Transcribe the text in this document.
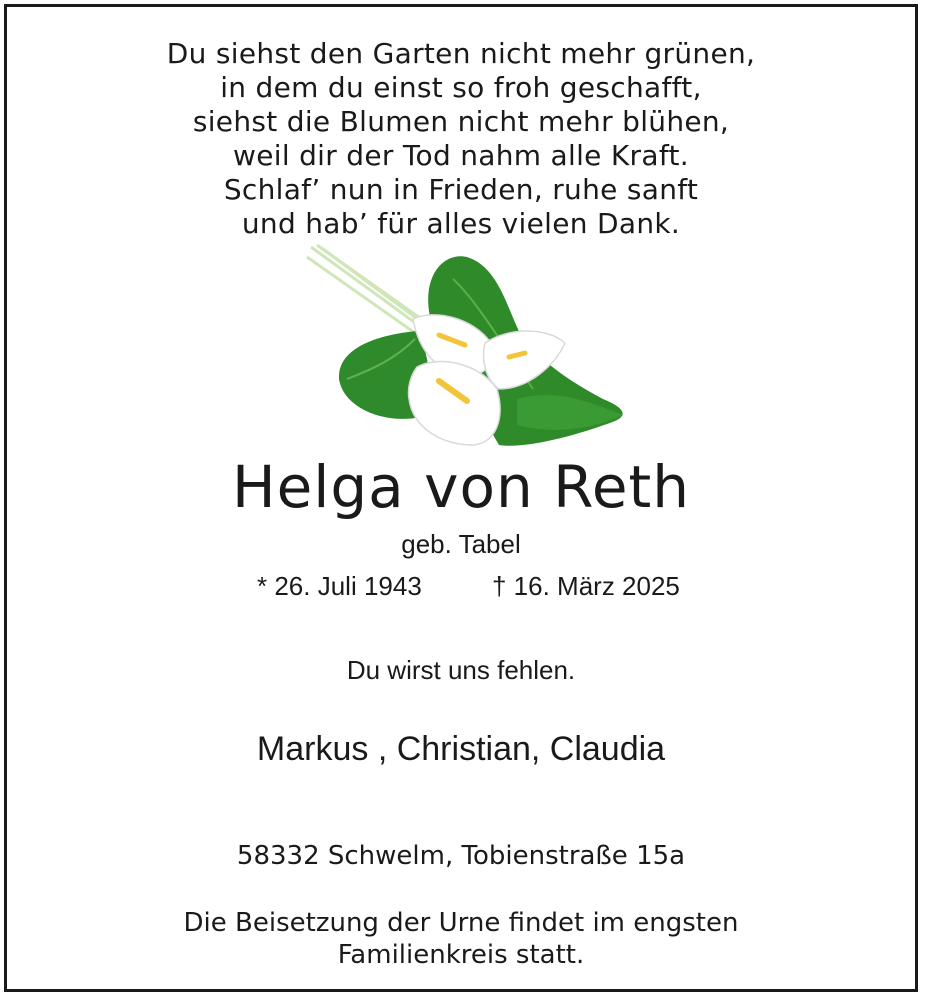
Du siehst den Garten nicht mehr grünen,
in dem du einst so froh geschafft,
siehst die Blumen nicht mehr blühen,
weil dir der Tod nahm alle Kraft.
Schlaf’ nun in Frieden, ruhe sanft
und hab’ für alles vielen Dank.
Helga von Reth
geb. Tabel
* 26. Juli 1943	† 16. März 2025
Du wirst uns fehlen.
Markus , Christian, Claudia
58332 Schwelm, Tobienstraße 15a
Die Beisetzung der Urne findet im engsten
Familienkreis statt.
